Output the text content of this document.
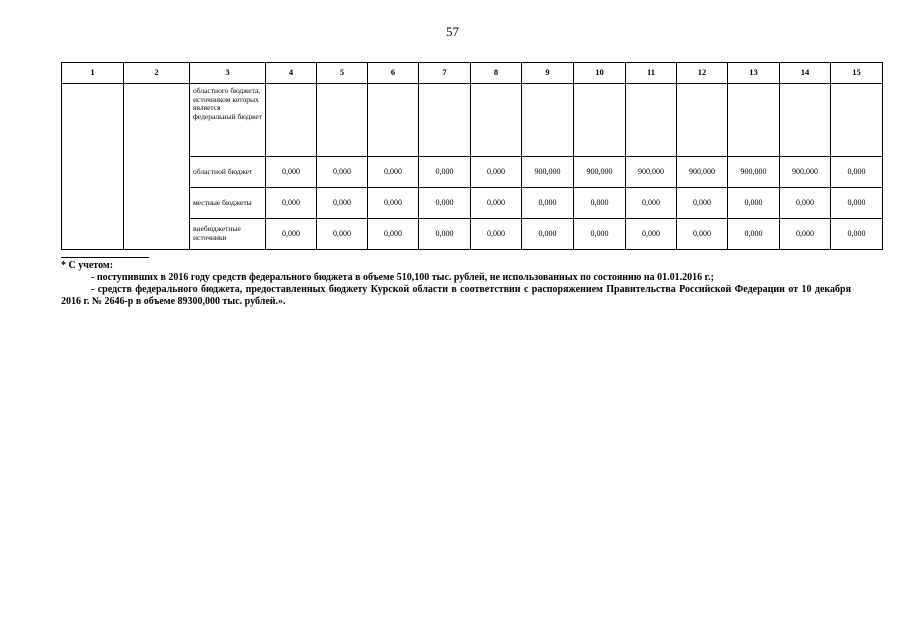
57
1	2	3	4	5	6	7	8	9	10	11	12	13	14	15
		областного бюджета, источником которых является федеральный бюджет												
		областной бюджет	0,000	0,000	0,000	0,000	0,000	900,000	900,000	900,000	900,000	900,000	900,000	0,000
		местные бюджеты	0,000	0,000	0,000	0,000	0,000	0,000	0,000	0,000	0,000	0,000	0,000	0,000
		внебюджетные источники	0,000	0,000	0,000	0,000	0,000	0,000	0,000	0,000	0,000	0,000	0,000	0,000

* С учетом:

- поступивших в 2016 году средств федерального бюджета в объеме 510,100 тыс. рублей, не использованных по состоянию на 01.01.2016 г.;

- средств федерального бюджета, предоставленных бюджету Курской области в соответствии с распоряжением Правительства Российской Федерации от 10 декабря 2016 г. № 2646-р в объеме 89300,000 тыс. рублей.».
